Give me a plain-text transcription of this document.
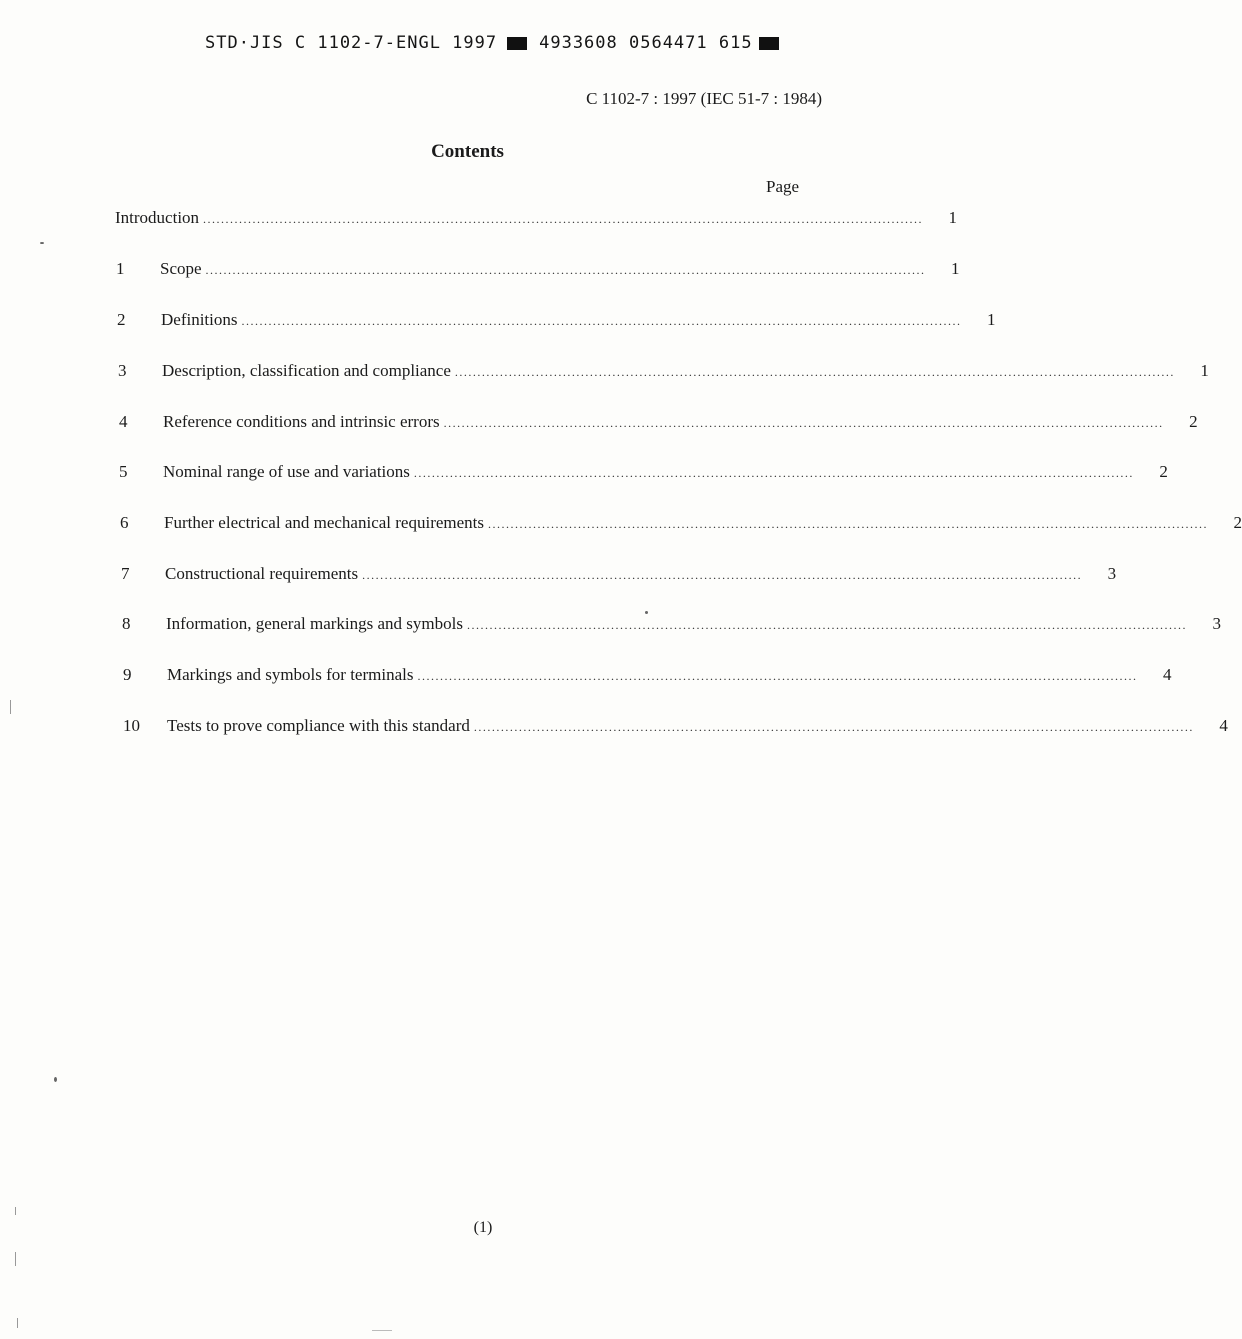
STD·JIS C 1102-7-ENGL 1997 4933608 0564471 615
C 1102-7 : 1997 (IEC 51-7 : 1984)
Contents
Page
Introduction ................................................................................................................................................................	1
1	Scope ................................................................................................................................................................	1
2	Definitions ................................................................................................................................................................	1
3	Description, classification and compliance ................................................................................................................................................................	1
4	Reference conditions and intrinsic errors ................................................................................................................................................................	2
5	Nominal range of use and variations ................................................................................................................................................................	2
6	Further electrical and mechanical requirements ................................................................................................................................................................	2
7	Constructional requirements ................................................................................................................................................................	3
8	Information, general markings and symbols ................................................................................................................................................................	3
9	Markings and symbols for terminals ................................................................................................................................................................	4
10	Tests to prove compliance with this standard ................................................................................................................................................................	4
(1)
